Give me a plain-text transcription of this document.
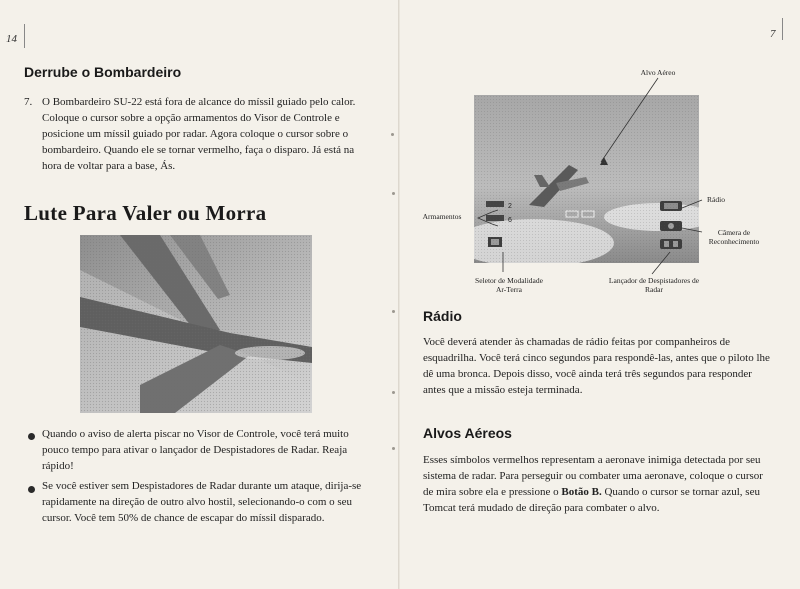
14
Derrube o Bombardeiro
7. O Bombardeiro SU-22 está fora de alcance do míssil guiado pelo calor. Coloque o cursor sobre a opção armamentos do Visor de Controle e posicione um míssil guiado por radar. Agora coloque o cursor sobre o bombardeiro. Quando ele se tornar vermelho, faça o disparo. Já está na hora de voltar para a base, Ás.

Lute Para Valer ou Morra

Quando o aviso de alerta piscar no Visor de Controle, você terá muito pouco tempo para ativar o lançador de Despistadores de Radar. Reaja rápido!

Se você estiver sem Despistadores de Radar durante um ataque, dirija-se rapidamente na direção de outro alvo hostil, selecionando-o com o seu cursor. Você tem 50% de chance de escapar do míssil disparado.

7
Alvo Aéreo
Armamentos
Rádio
Câmera de Reconhecimento
Seletor de Modalidade Ar-Terra
Lançador de Despistadores de Radar
Rádio

Você deverá atender às chamadas de rádio feitas por companheiros de esquadrilha. Você terá cinco segundos para respondê-las, antes que o piloto lhe dê uma bronca. Depois disso, você ainda terá três segundos para responder antes que a missão esteja terminada.

Alvos Aéreos

Esses símbolos vermelhos representam a aeronave inimiga detectada por seu sistema de radar. Para perseguir ou combater uma aeronave, coloque o cursor de mira sobre ela e pressione o Botão B. Quando o cursor se tornar azul, seu Tomcat terá mudado de direção para combater o alvo.
